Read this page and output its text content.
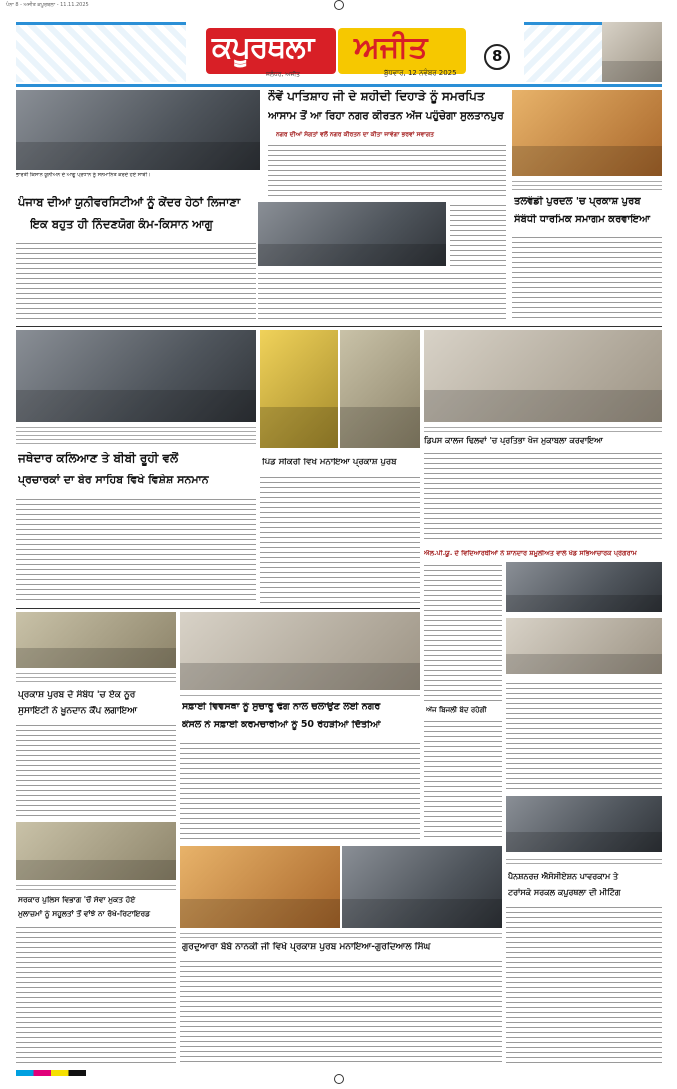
ਪੰਨਾ 8 - ਅਜੀਤ ਕਪੂਰਥਲਾ - 11.11.2025
ਕਪੂਰਥਲਾ ਅਜੀਤ
ਜਲੰਧਰ, ਅਜੀਤ	ਬੁੱਧਵਾਰ, 12 ਨਵੰਬਰ 2025
8
ਭਾਰਤੀ ਕਿਸਾਨ ਯੂਨੀਅਨ ਦੇ ਆਗੂ ਪ੍ਰਧਾਨ ਨੂੰ ਸਨਮਾਨਿਤ ਕਰਦੇ ਹੋਏ ਸਾਥੀ।
ਨੌਵੇਂ ਪਾਤਿਸ਼ਾਹ ਜੀ ਦੇ ਸ਼ਹੀਦੀ ਦਿਹਾੜੇ ਨੂੰ ਸਮਰਪਿਤ
ਆਸਾਮ ਤੋਂ ਆ ਰਿਹਾ ਨਗਰ ਕੀਰਤਨ ਅੱਜ ਪਹੁੰਚੇਗਾ ਸੁਲਤਾਨਪੁਰ
ਨਗਰ ਦੀਆਂ ਸੰਗਤਾਂ ਵਲੋਂ ਨਗਰ ਕੀਰਤਨ ਦਾ ਕੀਤਾ ਜਾਵੇਗਾ ਭਰਵਾਂ ਸਵਾਗਤ
ਪੰਜਾਬ ਦੀਆਂ ਯੂਨੀਵਰਸਿਟੀਆਂ ਨੂੰ ਕੇਂਦਰ ਹੇਠਾਂ ਲਿਜਾਣਾ
ਇਕ ਬਹੁਤ ਹੀ ਨਿੰਦਣਯੋਗ ਕੰਮ-ਕਿਸਾਨ ਆਗੂ
ਤਲਵੰਡੀ ਪੁਰਦਲ 'ਚ ਪ੍ਰਕਾਸ਼ ਪੁਰਬ
ਸੰਬੰਧੀ ਧਾਰਮਿਕ ਸਮਾਗਮ ਕਰਵਾਇਆ
ਜਥੇਦਾਰ ਕਲਿਆਣ ਤੇ ਬੀਬੀ ਰੂਹੀ ਵਲੋਂ
ਪ੍ਰਚਾਰਕਾਂ ਦਾ ਬੇਰ ਸਾਹਿਬ ਵਿਖੇ ਵਿਸ਼ੇਸ਼ ਸਨਮਾਨ
ਪਿੰਡ ਸੀਕਰੀ ਵਿਖੇ ਮਨਾਇਆ ਪ੍ਰਕਾਸ਼ ਪੁਰਬ
ਡਿਪਸ ਕਾਲਜ ਢਿਲਵਾਂ 'ਚ ਪ੍ਰਤਿਭਾ ਖੋਜ ਮੁਕਾਬਲਾ ਕਰਵਾਇਆ
ਐਲ.ਪੀ.ਯੂ. ਦੇ ਵਿਦਿਆਰਥੀਆਂ ਨੇ ਸ਼ਾਨਦਾਰ ਸ਼ਮੂਲੀਅਤ ਵਾਲੇ ਖੇਡ ਸਭਿਆਚਾਰਕ ਪ੍ਰੋਗਰਾਮ
ਪ੍ਰਕਾਸ਼ ਪੁਰਬ ਦੇ ਸੰਬੰਧ 'ਚ ਏਕ ਨੂਰ
ਸੁਸਾਇਟੀ ਨੇ ਖ਼ੂਨਦਾਨ ਕੈਂਪ ਲਗਾਇਆ	ਸਫ਼ਾਈ ਵਿਵਸਥਾ ਨੂੰ ਸੁਚਾਰੂ ਢੰਗ ਨਾਲ ਚਲਾਉਣ ਲਈ ਨਗਰ
ਕੌਂਸਲ ਨੇ ਸਫ਼ਾਈ ਕਰਮਚਾਰੀਆਂ ਨੂੰ 50 ਰੇਹੜੀਆਂ ਦਿੱਤੀਆਂ
ਅੱਜ ਬਿਜਲੀ ਬੰਦ ਰਹੇਗੀ
ਸਰਕਾਰ ਪੁਲਿਸ ਵਿਭਾਗ 'ਚੋਂ ਸੇਵਾ ਮੁਕਤ ਹੋਏ
ਮੁਲਾਜ਼ਮਾਂ ਨੂੰ ਸਹੂਲਤਾਂ ਤੋਂ ਵਾਂਝੇ ਨਾ ਰੱਖੇ-ਰਿਟਾਇਰਡ
ਗੁਰਦੁਆਰਾ ਬੇਬੇ ਨਾਨਕੀ ਜੀ ਵਿਖੇ ਪ੍ਰਕਾਸ਼ ਪੁਰਬ ਮਨਾਇਆ-ਗੁਰਦਿਆਲ ਸਿੰਘ
ਪੈਨਸ਼ਨਰਜ਼ ਐਸੋਸੀਏਸ਼ਨ ਪਾਵਰਕਾਮ ਤੇ
ਟਰਾਂਸਕੋ ਸਰਕਲ ਕਪੂਰਥਲਾ ਦੀ ਮੀਟਿੰਗ
